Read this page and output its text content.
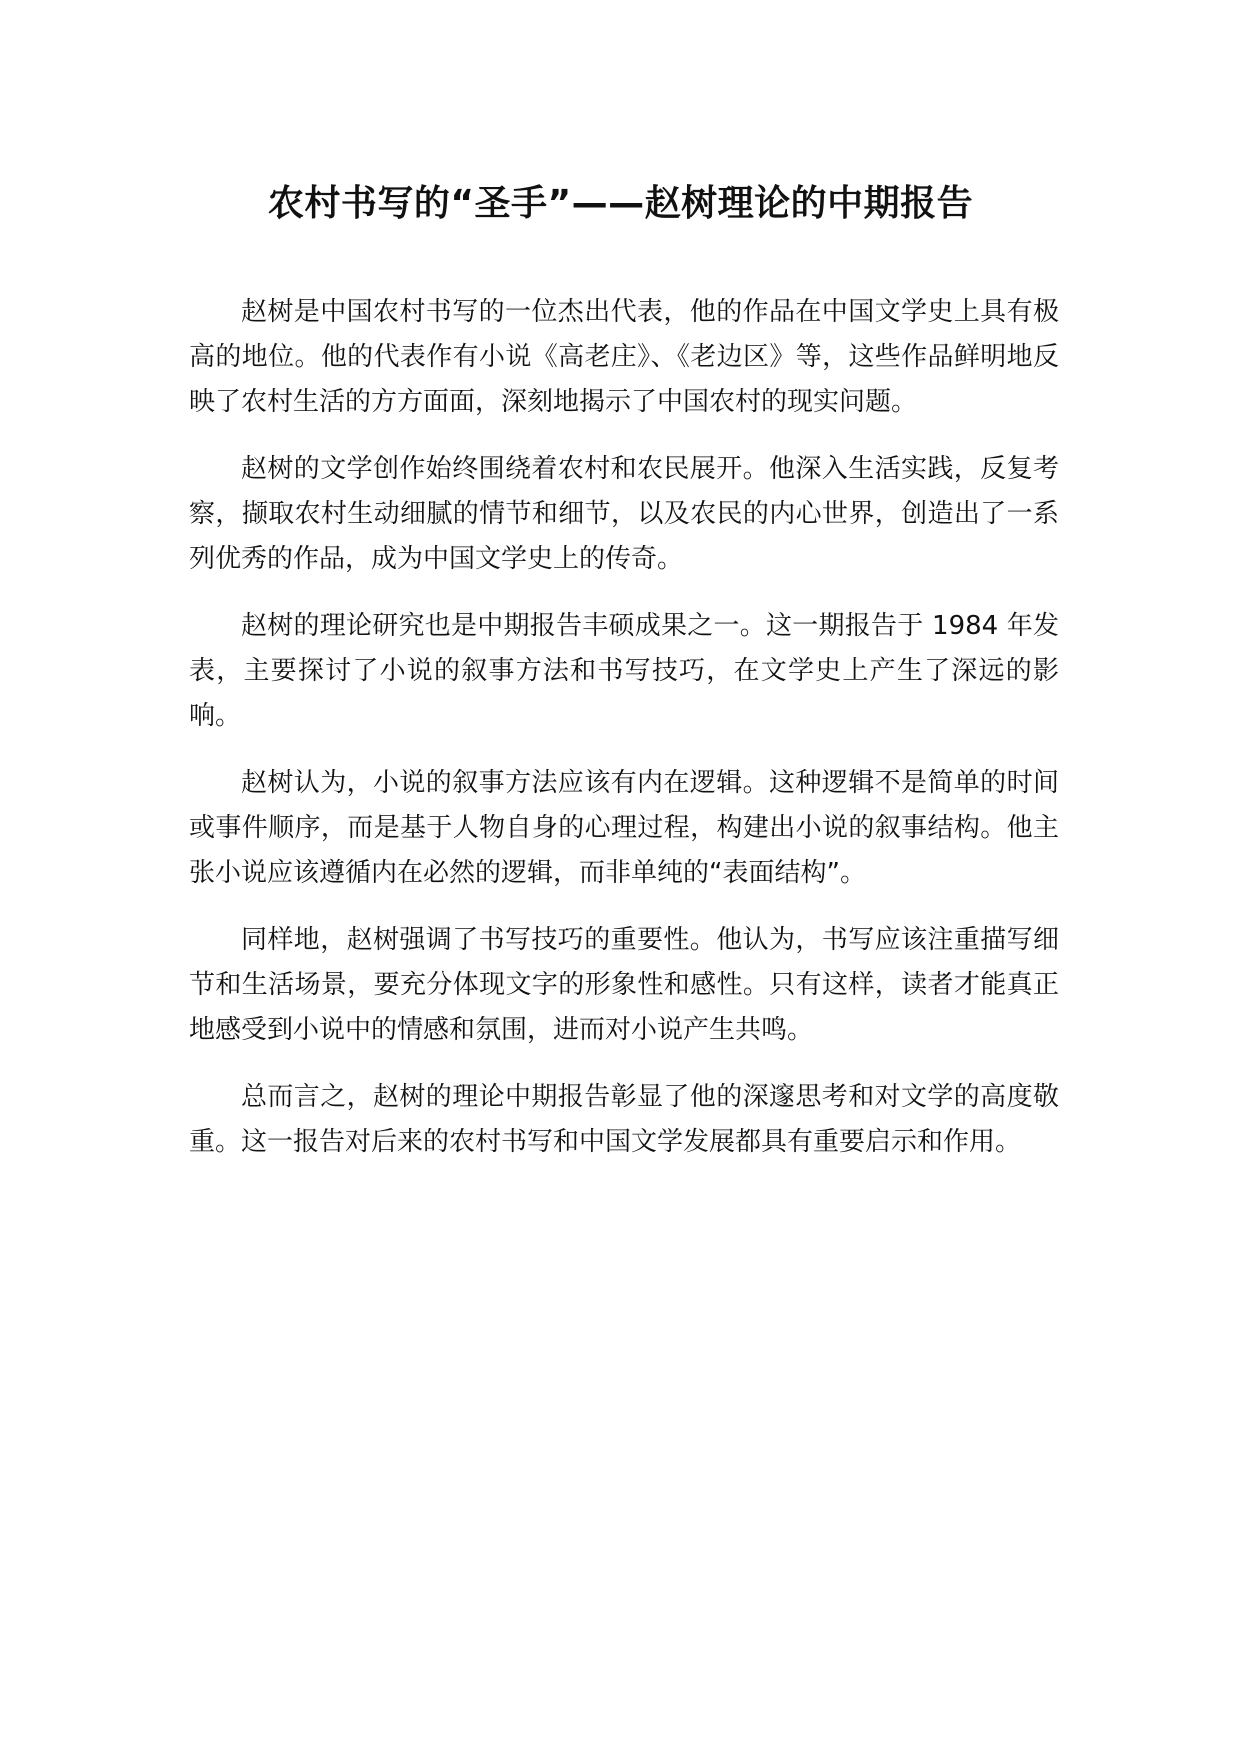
农村书写的“圣手”——赵树理论的中期报告

赵树是中国农村书写的一位杰出代表，他的作品在中国文学史上具有极高的地位。他的代表作有小说《高老庄》、《老边区》等，这些作品鲜明地反映了农村生活的方方面面，深刻地揭示了中国农村的现实问题。

赵树的文学创作始终围绕着农村和农民展开。他深入生活实践，反复考察，撷取农村生动细腻的情节和细节，以及农民的内心世界，创造出了一系列优秀的作品，成为中国文学史上的传奇。

赵树的理论研究也是中期报告丰硕成果之一。这一期报告于 1984 年发表，主要探讨了小说的叙事方法和书写技巧，在文学史上产生了深远的影响。

赵树认为，小说的叙事方法应该有内在逻辑。这种逻辑不是简单的时间或事件顺序，而是基于人物自身的心理过程，构建出小说的叙事结构。他主张小说应该遵循内在必然的逻辑，而非单纯的“表面结构”。

同样地，赵树强调了书写技巧的重要性。他认为，书写应该注重描写细节和生活场景，要充分体现文字的形象性和感性。只有这样，读者才能真正地感受到小说中的情感和氛围，进而对小说产生共鸣。

总而言之，赵树的理论中期报告彰显了他的深邃思考和对文学的高度敬重。这一报告对后来的农村书写和中国文学发展都具有重要启示和作用。
